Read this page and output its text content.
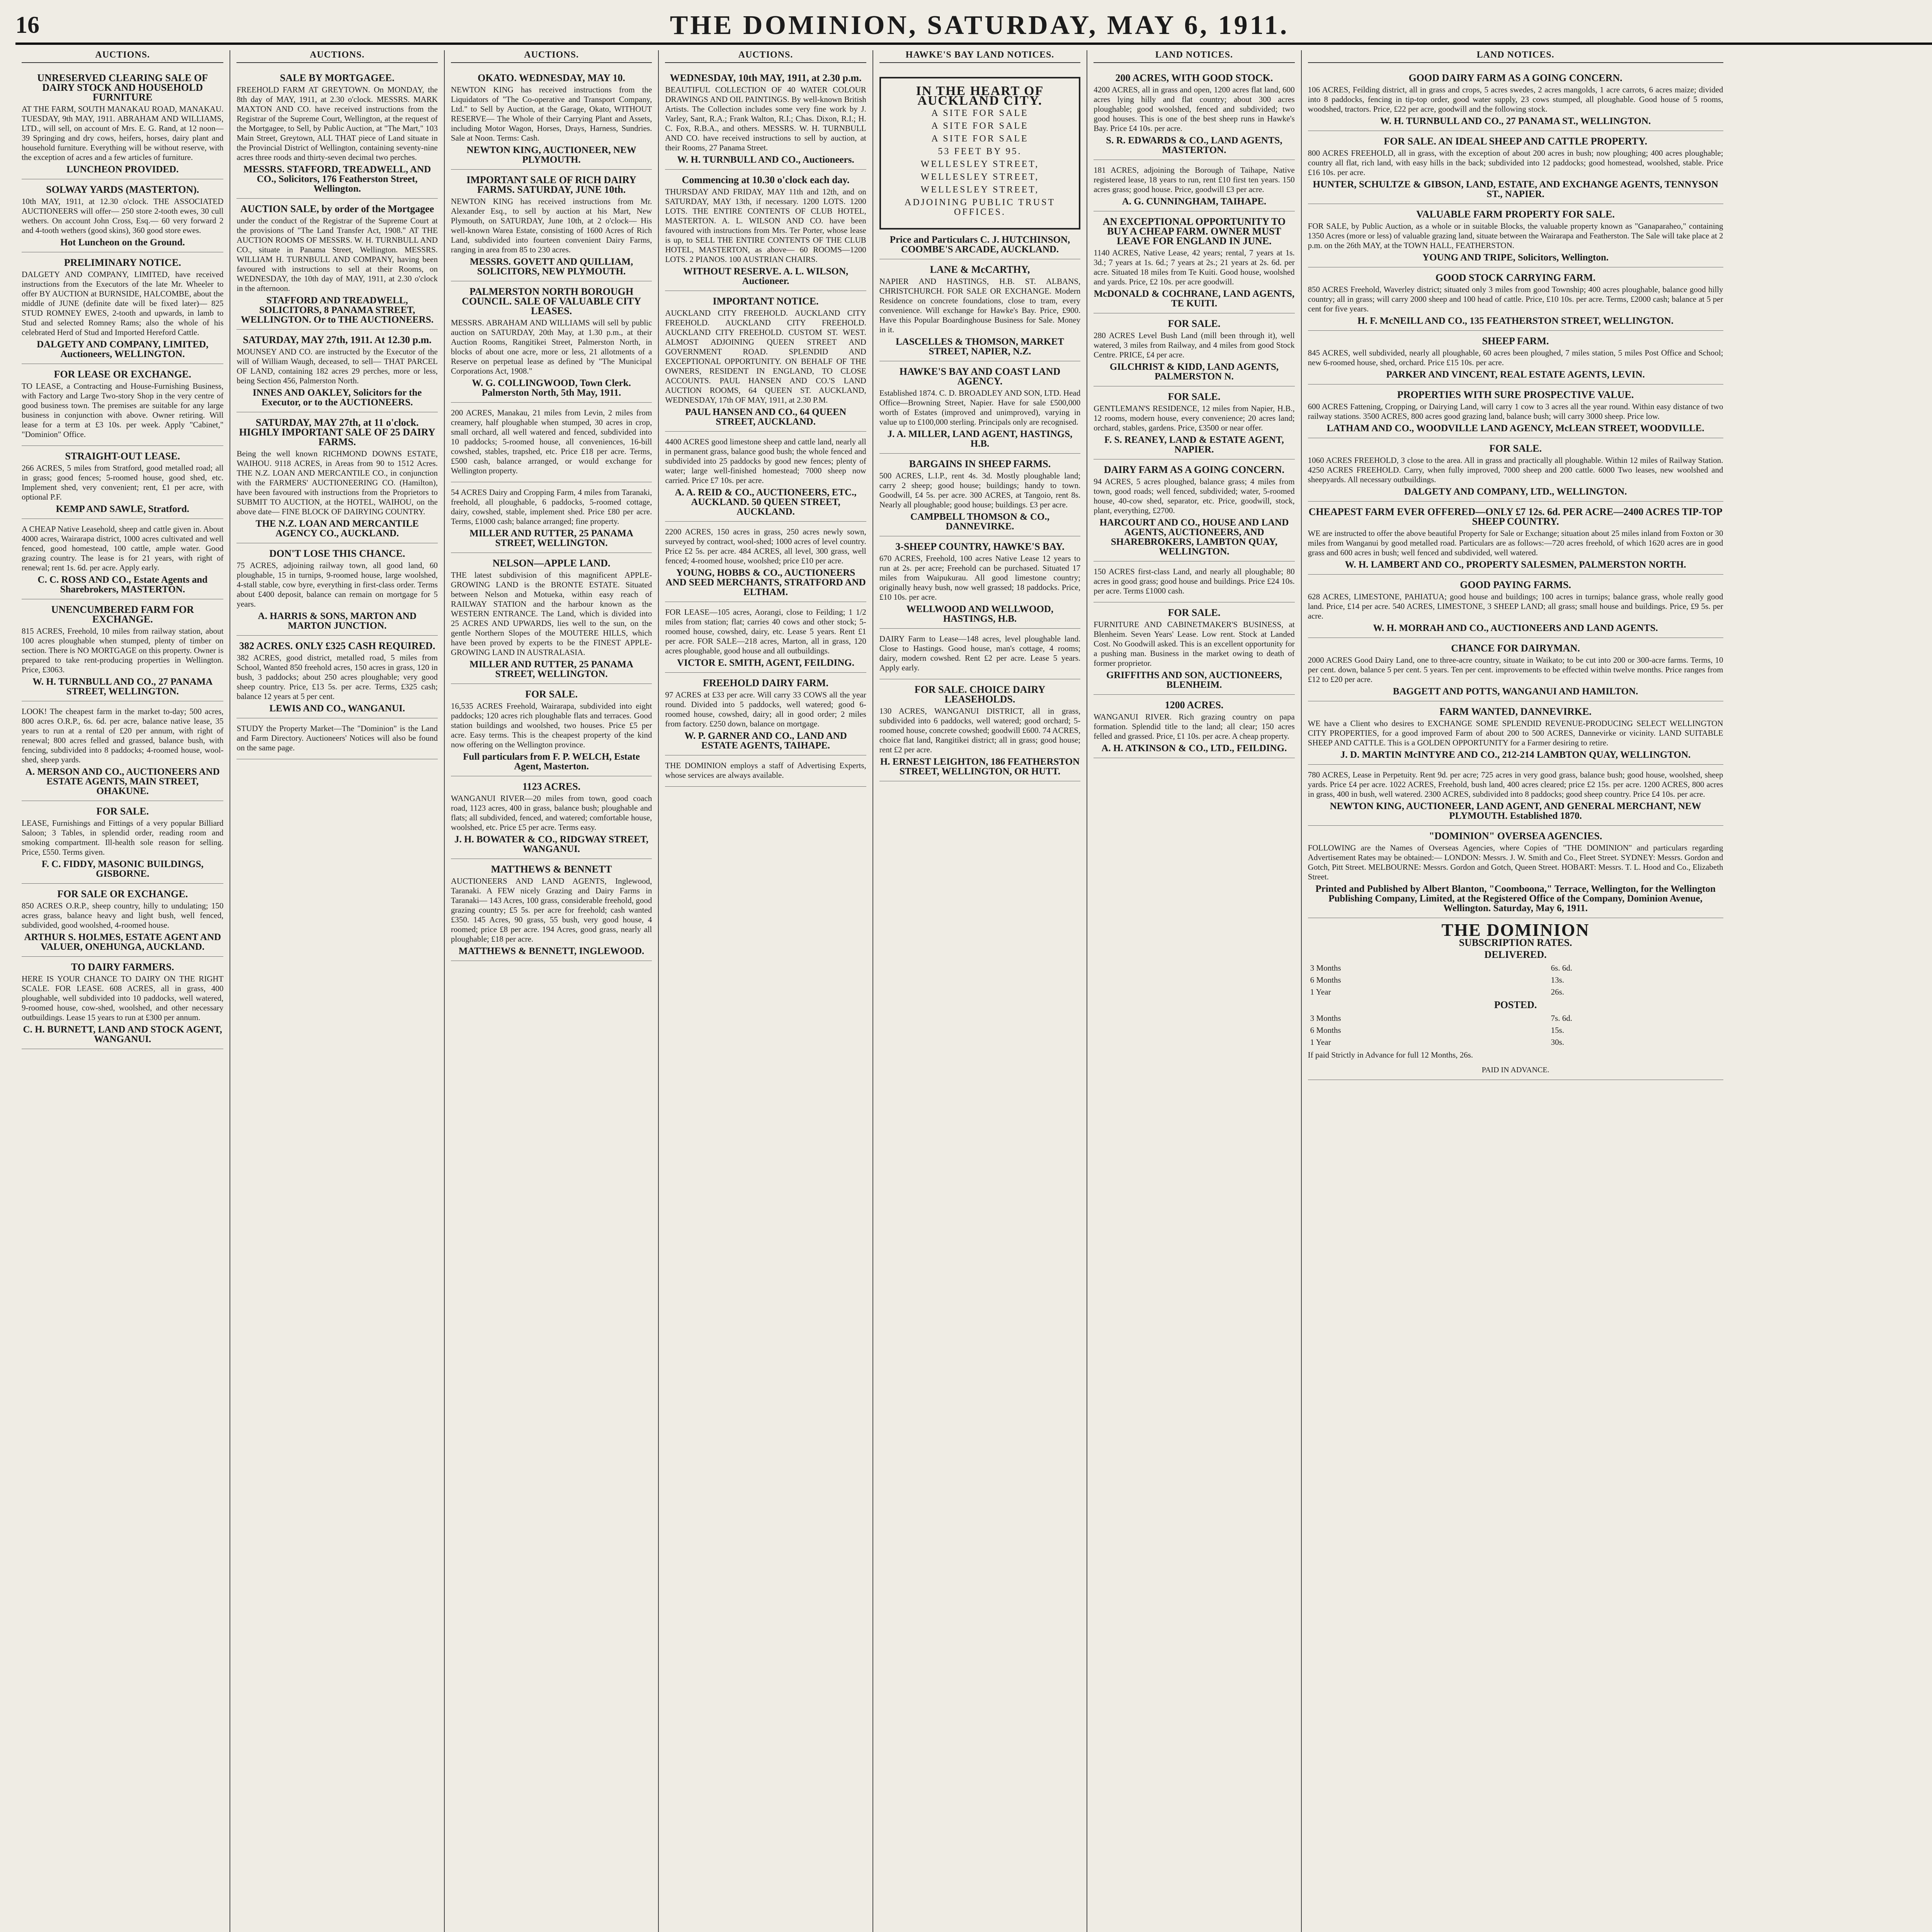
16	THE DOMINION, SATURDAY, MAY 6, 1911.
AUCTIONS.
UNRESERVED CLEARING SALE OF DAIRY STOCK AND HOUSEHOLD FURNITURE

AT THE FARM, SOUTH MANAKAU ROAD, MANAKAU. TUESDAY, 9th MAY, 1911. ABRAHAM AND WILLIAMS, LTD., will sell, on account of Mrs. E. G. Rand, at 12 noon— 39 Springing and dry cows, heifers, horses, dairy plant and household furniture. Everything will be without reserve, with the exception of acres and a few articles of furniture.

LUNCHEON PROVIDED.
SOLWAY YARDS (MASTERTON).

10th MAY, 1911, at 12.30 o'clock. THE ASSOCIATED AUCTIONEERS will offer— 250 store 2-tooth ewes, 30 cull wethers. On account John Cross, Esq.— 60 very forward 2 and 4-tooth wethers (good skins), 360 good store ewes.

Hot Luncheon on the Ground.
PRELIMINARY NOTICE.

DALGETY AND COMPANY, LIMITED, have received instructions from the Executors of the late Mr. Wheeler to offer BY AUCTION at BURNSIDE, HALCOMBE, about the middle of JUNE (definite date will be fixed later)— 825 STUD ROMNEY EWES, 2-tooth and upwards, in lamb to Stud and selected Romney Rams; also the whole of his celebrated Herd of Stud and Imported Hereford Cattle.

DALGETY AND COMPANY, LIMITED, Auctioneers, WELLINGTON.
FOR LEASE OR EXCHANGE.

TO LEASE, a Contracting and House-Furnishing Business, with Factory and Large Two-story Shop in the very centre of good business town. The premises are suitable for any large business in conjunction with above. Owner retiring. Will lease for a term at £3 10s. per week. Apply "Cabinet," "Dominion" Office.

STRAIGHT-OUT LEASE.

266 ACRES, 5 miles from Stratford, good metalled road; all in grass; good fences; 5-roomed house, good shed, etc. Implement shed, very convenient; rent, £1 per acre, with optional P.F.

KEMP AND SAWLE, Stratford.

A CHEAP Native Leasehold, sheep and cattle given in. About 4000 acres, Wairarapa district, 1000 acres cultivated and well fenced, good homestead, 100 cattle, ample water. Good grazing country. The lease is for 21 years, with right of renewal; rent 1s. 6d. per acre. Apply early.

C. C. ROSS AND CO., Estate Agents and Sharebrokers, MASTERTON.
UNENCUMBERED FARM FOR EXCHANGE.

815 ACRES, Freehold, 10 miles from railway station, about 100 acres ploughable when stumped, plenty of timber on section. There is NO MORTGAGE on this property. Owner is prepared to take rent-producing properties in Wellington. Price, £3063.

W. H. TURNBULL AND CO., 27 PANAMA STREET, WELLINGTON.

LOOK! The cheapest farm in the market to-day; 500 acres, 800 acres O.R.P., 6s. 6d. per acre, balance native lease, 35 years to run at a rental of £20 per annum, with right of renewal; 800 acres felled and grassed, balance bush, with fencing, subdivided into 8 paddocks; 4-roomed house, wool-shed, sheep yards.

A. MERSON AND CO., AUCTIONEERS AND ESTATE AGENTS, MAIN STREET, OHAKUNE.
FOR SALE.

LEASE, Furnishings and Fittings of a very popular Billiard Saloon; 3 Tables, in splendid order, reading room and smoking compartment. Ill-health sole reason for selling. Price, £550. Terms given.

F. C. FIDDY, MASONIC BUILDINGS, GISBORNE.
FOR SALE OR EXCHANGE.

850 ACRES O.R.P., sheep country, hilly to undulating; 150 acres grass, balance heavy and light bush, well fenced, subdivided, good woolshed, 4-roomed house.

ARTHUR S. HOLMES, ESTATE AGENT AND VALUER, ONEHUNGA, AUCKLAND.
TO DAIRY FARMERS.

HERE IS YOUR CHANCE TO DAIRY ON THE RIGHT SCALE. FOR LEASE. 608 ACRES, all in grass, 400 ploughable, well subdivided into 10 paddocks, well watered, 9-roomed house, cow-shed, woolshed, and other necessary outbuildings. Lease 15 years to run at £300 per annum.

C. H. BURNETT, LAND AND STOCK AGENT, WANGANUI.
AUCTIONS.
SALE BY MORTGAGEE.

FREEHOLD FARM AT GREYTOWN. On MONDAY, the 8th day of MAY, 1911, at 2.30 o'clock. MESSRS. MARK MAXTON AND CO. have received instructions from the Registrar of the Supreme Court, Wellington, at the request of the Mortgagee, to Sell, by Public Auction, at "The Mart," 103 Main Street, Greytown, ALL THAT piece of Land situate in the Provincial District of Wellington, containing seventy-nine acres three roods and thirty-seven decimal two perches.

MESSRS. STAFFORD, TREADWELL, AND CO., Solicitors, 176 Featherston Street, Wellington.
AUCTION SALE, by order of the Mortgagee

under the conduct of the Registrar of the Supreme Court at the provisions of "The Land Transfer Act, 1908." AT THE AUCTION ROOMS OF MESSRS. W. H. TURNBULL AND CO., situate in Panama Street, Wellington. MESSRS. WILLIAM H. TURNBULL AND COMPANY, having been favoured with instructions to sell at their Rooms, on WEDNESDAY, the 10th day of MAY, 1911, at 2.30 o'clock in the afternoon.

STAFFORD AND TREADWELL, SOLICITORS, 8 PANAMA STREET, WELLINGTON. Or to THE AUCTIONEERS.
SATURDAY, MAY 27th, 1911. At 12.30 p.m.

MOUNSEY AND CO. are instructed by the Executor of the will of William Waugh, deceased, to sell— THAT PARCEL OF LAND, containing 182 acres 29 perches, more or less, being Section 456, Palmerston North.

INNES AND OAKLEY, Solicitors for the Executor, or to the AUCTIONEERS.
SATURDAY, MAY 27th, at 11 o'clock. HIGHLY IMPORTANT SALE OF 25 DAIRY FARMS.

Being the well known RICHMOND DOWNS ESTATE, WAIHOU. 9118 ACRES, in Areas from 90 to 1512 Acres. THE N.Z. LOAN AND MERCANTILE CO., in conjunction with the FARMERS' AUCTIONEERING CO. (Hamilton), have been favoured with instructions from the Proprietors to SUBMIT TO AUCTION, at the HOTEL, WAIHOU, on the above date— FINE BLOCK OF DAIRYING COUNTRY.

THE N.Z. LOAN AND MERCANTILE AGENCY CO., AUCKLAND.
DON'T LOSE THIS CHANCE.

75 ACRES, adjoining railway town, all good land, 60 ploughable, 15 in turnips, 9-roomed house, large woolshed, 4-stall stable, cow byre, everything in first-class order. Terms about £400 deposit, balance can remain on mortgage for 5 years.

A. HARRIS & SONS, MARTON AND MARTON JUNCTION.
382 ACRES. ONLY £325 CASH REQUIRED.

382 ACRES, good district, metalled road, 5 miles from School, Wanted 850 freehold acres, 150 acres in grass, 120 in bush, 3 paddocks; about 250 acres ploughable; very good sheep country. Price, £13 5s. per acre. Terms, £325 cash; balance 12 years at 5 per cent.

LEWIS AND CO., WANGANUI.

STUDY the Property Market—The "Dominion" is the Land and Farm Directory. Auctioneers' Notices will also be found on the same page.

AUCTIONS.
OKATO. WEDNESDAY, MAY 10.

NEWTON KING has received instructions from the Liquidators of "The Co-operative and Transport Company, Ltd." to Sell by Auction, at the Garage, Okato, WITHOUT RESERVE— The Whole of their Carrying Plant and Assets, including Motor Wagon, Horses, Drays, Harness, Sundries. Sale at Noon. Terms: Cash.

NEWTON KING, AUCTIONEER, NEW PLYMOUTH.
IMPORTANT SALE OF RICH DAIRY FARMS. SATURDAY, JUNE 10th.

NEWTON KING has received instructions from Mr. Alexander Esq., to sell by auction at his Mart, New Plymouth, on SATURDAY, June 10th, at 2 o'clock— His well-known Warea Estate, consisting of 1600 Acres of Rich Land, subdivided into fourteen convenient Dairy Farms, ranging in area from 85 to 230 acres.

MESSRS. GOVETT AND QUILLIAM, SOLICITORS, NEW PLYMOUTH.
PALMERSTON NORTH BOROUGH COUNCIL. SALE OF VALUABLE CITY LEASES.

MESSRS. ABRAHAM AND WILLIAMS will sell by public auction on SATURDAY, 20th May, at 1.30 p.m., at their Auction Rooms, Rangitikei Street, Palmerston North, in blocks of about one acre, more or less, 21 allotments of a Reserve on perpetual lease as defined by "The Municipal Corporations Act, 1908."

W. G. COLLINGWOOD, Town Clerk. Palmerston North, 5th May, 1911.

200 ACRES, Manakau, 21 miles from Levin, 2 miles from creamery, half ploughable when stumped, 30 acres in crop, small orchard, all well watered and fenced, subdivided into 10 paddocks; 5-roomed house, all conveniences, 16-bill cowshed, stables, trapshed, etc. Price £18 per acre. Terms, £500 cash, balance arranged, or would exchange for Wellington property.

54 ACRES Dairy and Cropping Farm, 4 miles from Taranaki, freehold, all ploughable, 6 paddocks, 5-roomed cottage, dairy, cowshed, stable, implement shed. Price £80 per acre. Terms, £1000 cash; balance arranged; fine property.

MILLER AND RUTTER, 25 PANAMA STREET, WELLINGTON.
NELSON—APPLE LAND.

THE latest subdivision of this magnificent APPLE-GROWING LAND is the BRONTE ESTATE. Situated between Nelson and Motueka, within easy reach of RAILWAY STATION and the harbour known as the WESTERN ENTRANCE. The Land, which is divided into 25 ACRES AND UPWARDS, lies well to the sun, on the gentle Northern Slopes of the MOUTERE HILLS, which have been proved by experts to be the FINEST APPLE-GROWING LAND IN AUSTRALASIA.

MILLER AND RUTTER, 25 PANAMA STREET, WELLINGTON.
FOR SALE.

16,535 ACRES Freehold, Wairarapa, subdivided into eight paddocks; 120 acres rich ploughable flats and terraces. Good station buildings and woolshed, two houses. Price £5 per acre. Easy terms. This is the cheapest property of the kind now offering on the Wellington province.

Full particulars from F. P. WELCH, Estate Agent, Masterton.
1123 ACRES.

WANGANUI RIVER—20 miles from town, good coach road, 1123 acres, 400 in grass, balance bush; ploughable and flats; all subdivided, fenced, and watered; comfortable house, woolshed, etc. Price £5 per acre. Terms easy.

J. H. BOWATER & CO., RIDGWAY STREET, WANGANUI.
MATTHEWS & BENNETT

AUCTIONEERS AND LAND AGENTS, Inglewood, Taranaki. A FEW nicely Grazing and Dairy Farms in Taranaki— 143 Acres, 100 grass, considerable freehold, good grazing country; £5 5s. per acre for freehold; cash wanted £350. 145 Acres, 90 grass, 55 bush, very good house, 4 roomed; price £8 per acre. 194 Acres, good grass, nearly all ploughable; £18 per acre.

MATTHEWS & BENNETT, INGLEWOOD.
AUCTIONS.
WEDNESDAY, 10th MAY, 1911, at 2.30 p.m.

BEAUTIFUL COLLECTION OF 40 WATER COLOUR DRAWINGS AND OIL PAINTINGS. By well-known British Artists. The Collection includes some very fine work by J. Varley, Sant, R.A.; Frank Walton, R.I.; Chas. Dixon, R.I.; H. C. Fox, R.B.A., and others. MESSRS. W. H. TURNBULL AND CO. have received instructions to sell by auction, at their Rooms, 27 Panama Street.

W. H. TURNBULL AND CO., Auctioneers.
Commencing at 10.30 o'clock each day.

THURSDAY AND FRIDAY, MAY 11th and 12th, and on SATURDAY, MAY 13th, if necessary. 1200 LOTS. 1200 LOTS. THE ENTIRE CONTENTS OF CLUB HOTEL, MASTERTON. A. L. WILSON AND CO. have been favoured with instructions from Mrs. Ter Porter, whose lease is up, to SELL THE ENTIRE CONTENTS OF THE CLUB HOTEL, MASTERTON, as above— 60 ROOMS—1200 LOTS. 2 PIANOS. 100 AUSTRIAN CHAIRS.

WITHOUT RESERVE. A. L. WILSON, Auctioneer.
IMPORTANT NOTICE.

AUCKLAND CITY FREEHOLD. AUCKLAND CITY FREEHOLD. AUCKLAND CITY FREEHOLD. AUCKLAND CITY FREEHOLD. CUSTOM ST. WEST. ALMOST ADJOINING QUEEN STREET AND GOVERNMENT ROAD. SPLENDID AND EXCEPTIONAL OPPORTUNITY. ON BEHALF OF THE OWNERS, RESIDENT IN ENGLAND, TO CLOSE ACCOUNTS. PAUL HANSEN AND CO.'S LAND AUCTION ROOMS, 64 QUEEN ST. AUCKLAND, WEDNESDAY, 17th OF MAY, 1911, at 2.30 P.M.

PAUL HANSEN AND CO., 64 QUEEN STREET, AUCKLAND.

4400 ACRES good limestone sheep and cattle land, nearly all in permanent grass, balance good bush; the whole fenced and subdivided into 25 paddocks by good new fences; plenty of water; large well-finished homestead; 7000 sheep now carried. Price £7 10s. per acre.

A. A. REID & CO., AUCTIONEERS, ETC., AUCKLAND. 50 QUEEN STREET, AUCKLAND.

2200 ACRES, 150 acres in grass, 250 acres newly sown, surveyed by contract, wool-shed; 1000 acres of level country. Price £2 5s. per acre. 484 ACRES, all level, 300 grass, well fenced; 4-roomed house, woolshed; price £10 per acre.

YOUNG, HOBBS & CO., AUCTIONEERS AND SEED MERCHANTS, STRATFORD AND ELTHAM.

FOR LEASE—105 acres, Aorangi, close to Feilding; 1 1/2 miles from station; flat; carries 40 cows and other stock; 5-roomed house, cowshed, dairy, etc. Lease 5 years. Rent £1 per acre. FOR SALE—218 acres, Marton, all in grass, 120 acres ploughable, good house and all outbuildings.

VICTOR E. SMITH, AGENT, FEILDING.
FREEHOLD DAIRY FARM.

97 ACRES at £33 per acre. Will carry 33 COWS all the year round. Divided into 5 paddocks, well watered; good 6-roomed house, cowshed, dairy; all in good order; 2 miles from factory. £250 down, balance on mortgage.

W. P. GARNER AND CO., LAND AND ESTATE AGENTS, TAIHAPE.

THE DOMINION employs a staff of Advertising Experts, whose services are always available.

HAWKE'S BAY LAND NOTICES.
IN THE HEART OF AUCKLAND CITY.
A SITE FOR SALE
A SITE FOR SALE
A SITE FOR SALE
53 FEET BY 95.
WELLESLEY STREET,
WELLESLEY STREET,
WELLESLEY STREET,
ADJOINING PUBLIC TRUST OFFICES.
Price and Particulars C. J. HUTCHINSON, COOMBE'S ARCADE, AUCKLAND.
LANE & McCARTHY,

NAPIER AND HASTINGS, H.B. ST. ALBANS, CHRISTCHURCH. FOR SALE OR EXCHANGE. Modern Residence on concrete foundations, close to tram, every convenience. Will exchange for Hawke's Bay. Price, £900. Have this Popular Boardinghouse Business for Sale. Money in it.

LASCELLES & THOMSON, MARKET STREET, NAPIER, N.Z.
HAWKE'S BAY AND COAST LAND AGENCY.

Established 1874. C. D. BROADLEY AND SON, LTD. Head Office—Browning Street, Napier. Have for sale £500,000 worth of Estates (improved and unimproved), varying in value up to £100,000 sterling. Principals only are recognised.

J. A. MILLER, LAND AGENT, HASTINGS, H.B.
BARGAINS IN SHEEP FARMS.

500 ACRES, L.I.P., rent 4s. 3d. Mostly ploughable land; carry 2 sheep; good house; buildings; handy to town. Goodwill, £4 5s. per acre. 300 ACRES, at Tangoio, rent 8s. Nearly all ploughable; good house; buildings. £3 per acre.

CAMPBELL THOMSON & CO., DANNEVIRKE.
3-SHEEP COUNTRY, HAWKE'S BAY.

670 ACRES, Freehold, 100 acres Native Lease 12 years to run at 2s. per acre; Freehold can be purchased. Situated 17 miles from Waipukurau. All good limestone country; originally heavy bush, now well grassed; 18 paddocks. Price, £10 10s. per acre.

WELLWOOD AND WELLWOOD, HASTINGS, H.B.

DAIRY Farm to Lease—148 acres, level ploughable land. Close to Hastings. Good house, man's cottage, 4 rooms; dairy, modern cowshed. Rent £2 per acre. Lease 5 years. Apply early.

FOR SALE. CHOICE DAIRY LEASEHOLDS.

130 ACRES, WANGANUI DISTRICT, all in grass, subdivided into 6 paddocks, well watered; good orchard; 5-roomed house, concrete cowshed; goodwill £600. 74 ACRES, choice flat land, Rangitikei district; all in grass; good house; rent £2 per acre.

H. ERNEST LEIGHTON, 186 FEATHERSTON STREET, WELLINGTON, OR HUTT.
LAND NOTICES.
200 ACRES, WITH GOOD STOCK.

4200 ACRES, all in grass and open, 1200 acres flat land, 600 acres lying hilly and flat country; about 300 acres ploughable; good woolshed, fenced and subdivided; two good houses. This is one of the best sheep runs in Hawke's Bay. Price £4 10s. per acre.

S. R. EDWARDS & CO., LAND AGENTS, MASTERTON.

181 ACRES, adjoining the Borough of Taihape, Native registered lease, 18 years to run, rent £10 first ten years. 150 acres grass; good house. Price, goodwill £3 per acre.

A. G. CUNNINGHAM, TAIHAPE.
AN EXCEPTIONAL OPPORTUNITY TO BUY A CHEAP FARM. OWNER MUST LEAVE FOR ENGLAND IN JUNE.

1140 ACRES, Native Lease, 42 years; rental, 7 years at 1s. 3d.; 7 years at 1s. 6d.; 7 years at 2s.; 21 years at 2s. 6d. per acre. Situated 18 miles from Te Kuiti. Good house, woolshed and yards. Price, £2 10s. per acre goodwill.

McDONALD & COCHRANE, LAND AGENTS, TE KUITI.
FOR SALE.

280 ACRES Level Bush Land (mill been through it), well watered, 3 miles from Railway, and 4 miles from good Stock Centre. PRICE, £4 per acre.

GILCHRIST & KIDD, LAND AGENTS, PALMERSTON N.
FOR SALE.

GENTLEMAN'S RESIDENCE, 12 miles from Napier, H.B., 12 rooms, modern house, every convenience; 20 acres land; orchard, stables, gardens. Price, £3500 or near offer.

F. S. REANEY, LAND & ESTATE AGENT, NAPIER.
DAIRY FARM AS A GOING CONCERN.

94 ACRES, 5 acres ploughed, balance grass; 4 miles from town, good roads; well fenced, subdivided; water, 5-roomed house, 40-cow shed, separator, etc. Price, goodwill, stock, plant, everything, £2700.

HARCOURT AND CO., HOUSE AND LAND AGENTS, AUCTIONEERS, AND SHAREBROKERS, LAMBTON QUAY, WELLINGTON.

150 ACRES first-class Land, and nearly all ploughable; 80 acres in good grass; good house and buildings. Price £24 10s. per acre. Terms £1000 cash.

FOR SALE.

FURNITURE AND CABINETMAKER'S BUSINESS, at Blenheim. Seven Years' Lease. Low rent. Stock at Landed Cost. No Goodwill asked. This is an excellent opportunity for a pushing man. Business in the market owing to death of former proprietor.

GRIFFITHS AND SON, AUCTIONEERS, BLENHEIM.
1200 ACRES.

WANGANUI RIVER. Rich grazing country on papa formation. Splendid title to the land; all clear; 150 acres felled and grassed. Price, £1 10s. per acre. A cheap property.

A. H. ATKINSON & CO., LTD., FEILDING.
LAND NOTICES.
GOOD DAIRY FARM AS A GOING CONCERN.

106 ACRES, Feilding district, all in grass and crops, 5 acres swedes, 2 acres mangolds, 1 acre carrots, 6 acres maize; divided into 8 paddocks, fencing in tip-top order, good water supply, 23 cows stumped, all ploughable. Good house of 5 rooms, woodshed, tractors. Price, £22 per acre, goodwill and the following stock.

W. H. TURNBULL AND CO., 27 PANAMA ST., WELLINGTON.
FOR SALE. AN IDEAL SHEEP AND CATTLE PROPERTY.

800 ACRES FREEHOLD, all in grass, with the exception of about 200 acres in bush; now ploughing; 400 acres ploughable; country all flat, rich land, with easy hills in the back; subdivided into 12 paddocks; good homestead, woolshed, stable. Price £16 10s. per acre.

HUNTER, SCHULTZE & GIBSON, LAND, ESTATE, AND EXCHANGE AGENTS, TENNYSON ST., NAPIER.
VALUABLE FARM PROPERTY FOR SALE.

FOR SALE, by Public Auction, as a whole or in suitable Blocks, the valuable property known as "Ganaparaheo," containing 1350 Acres (more or less) of valuable grazing land, situate between the Wairarapa and Featherston. The Sale will take place at 2 p.m. on the 26th MAY, at the TOWN HALL, FEATHERSTON.

YOUNG AND TRIPE, Solicitors, Wellington.
GOOD STOCK CARRYING FARM.

850 ACRES Freehold, Waverley district; situated only 3 miles from good Township; 400 acres ploughable, balance good hilly country; all in grass; will carry 2000 sheep and 100 head of cattle. Price, £10 10s. per acre. Terms, £2000 cash; balance at 5 per cent for five years.

H. F. McNEILL AND CO., 135 FEATHERSTON STREET, WELLINGTON.
SHEEP FARM.

845 ACRES, well subdivided, nearly all ploughable, 60 acres been ploughed, 7 miles station, 5 miles Post Office and School; new 6-roomed house, shed, orchard. Price £15 10s. per acre.

PARKER AND VINCENT, REAL ESTATE AGENTS, LEVIN.
PROPERTIES WITH SURE PROSPECTIVE VALUE.

600 ACRES Fattening, Cropping, or Dairying Land, will carry 1 cow to 3 acres all the year round. Within easy distance of two railway stations. 3500 ACRES, 800 acres good grazing land, balance bush; will carry 3000 sheep. Price low.

LATHAM AND CO., WOODVILLE LAND AGENCY, McLEAN STREET, WOODVILLE.
FOR SALE.

1060 ACRES FREEHOLD, 3 close to the area. All in grass and practically all ploughable. Within 12 miles of Railway Station. 4250 ACRES FREEHOLD. Carry, when fully improved, 7000 sheep and 200 cattle. 6000 Two leases, new woolshed and sheepyards. All necessary outbuildings.

DALGETY AND COMPANY, LTD., WELLINGTON.
CHEAPEST FARM EVER OFFERED—ONLY £7 12s. 6d. PER ACRE—2400 ACRES TIP-TOP SHEEP COUNTRY.

WE are instructed to offer the above beautiful Property for Sale or Exchange; situation about 25 miles inland from Foxton or 30 miles from Wanganui by good metalled road. Particulars are as follows:—720 acres freehold, of which 1620 acres are in good grass and 600 acres in bush; well fenced and subdivided, well watered.

W. H. LAMBERT AND CO., PROPERTY SALESMEN, PALMERSTON NORTH.
GOOD PAYING FARMS.

628 ACRES, LIMESTONE, PAHIATUA; good house and buildings; 100 acres in turnips; balance grass, whole really good land. Price, £14 per acre. 540 ACRES, LIMESTONE, 3 SHEEP LAND; all grass; small house and buildings. Price, £9 5s. per acre.

W. H. MORRAH AND CO., AUCTIONEERS AND LAND AGENTS.
CHANCE FOR DAIRYMAN.

2000 ACRES Good Dairy Land, one to three-acre country, situate in Waikato; to be cut into 200 or 300-acre farms. Terms, 10 per cent. down, balance 5 per cent. 5 years. Ten per cent. improvements to be effected within twelve months. Price ranges from £12 to £20 per acre.

BAGGETT AND POTTS, WANGANUI AND HAMILTON.
FARM WANTED, DANNEVIRKE.

WE have a Client who desires to EXCHANGE SOME SPLENDID REVENUE-PRODUCING SELECT WELLINGTON CITY PROPERTIES, for a good improved Farm of about 200 to 500 ACRES, Dannevirke or vicinity. LAND SUITABLE SHEEP AND CATTLE. This is a GOLDEN OPPORTUNITY for a Farmer desiring to retire.

J. D. MARTIN McINTYRE AND CO., 212-214 LAMBTON QUAY, WELLINGTON.

780 ACRES, Lease in Perpetuity. Rent 9d. per acre; 725 acres in very good grass, balance bush; good house, woolshed, sheep yards. Price £4 per acre. 1022 ACRES, Freehold, bush land, 400 acres cleared; price £2 15s. per acre. 1200 ACRES, 800 acres in grass, 400 in bush, well watered. 2300 ACRES, subdivided into 8 paddocks; good sheep country. Price £4 10s. per acre.

NEWTON KING, AUCTIONEER, LAND AGENT, AND GENERAL MERCHANT, NEW PLYMOUTH. Established 1870.
"DOMINION" OVERSEA AGENCIES.

FOLLOWING are the Names of Overseas Agencies, where Copies of "THE DOMINION" and particulars regarding Advertisement Rates may be obtained:— LONDON: Messrs. J. W. Smith and Co., Fleet Street. SYDNEY: Messrs. Gordon and Gotch, Pitt Street. MELBOURNE: Messrs. Gordon and Gotch, Queen Street. HOBART: Messrs. T. L. Hood and Co., Elizabeth Street.

Printed and Published by Albert Blanton, "Coomboona," Terrace, Wellington, for the Wellington Publishing Company, Limited, at the Registered Office of the Company, Dominion Avenue, Wellington. Saturday, May 6, 1911.
THE DOMINION
SUBSCRIPTION RATES.
DELIVERED.
3 Months	6s. 6d.
6 Months	13s.
1 Year	26s.
POSTED.
3 Months	7s. 6d.
6 Months	15s.
1 Year	30s.

If paid Strictly in Advance for full 12 Months, 26s.

PAID IN ADVANCE.
